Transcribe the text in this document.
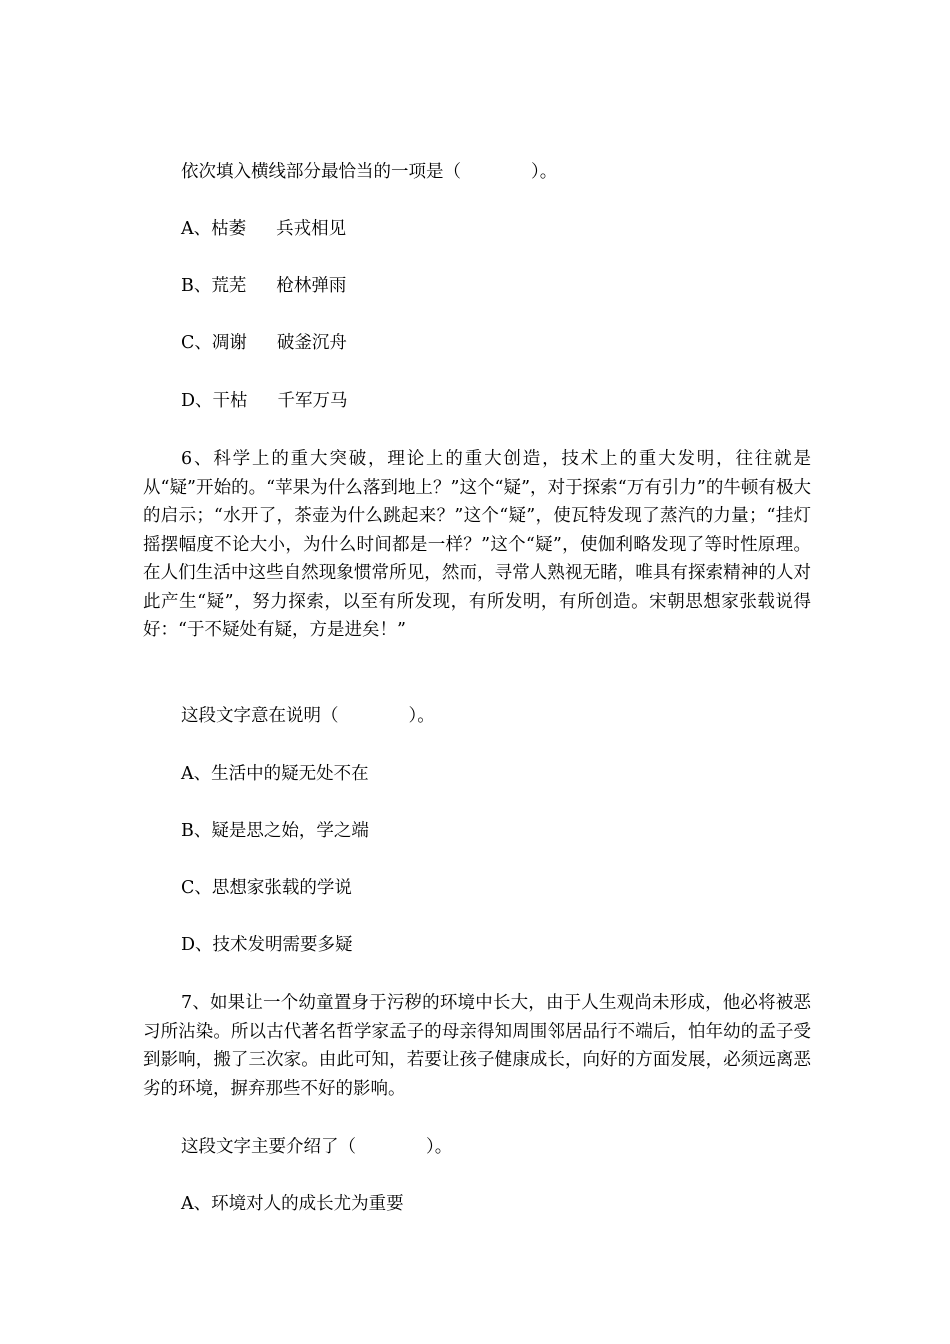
依次填入横线部分最恰当的一项是（　　　　）。
A、枯萎 兵戎相见
B、荒芜 枪林弹雨
C、凋谢 破釜沉舟
D、干枯 千军万马
6、科学上的重大突破，理论上的重大创造，技术上的重大发明，往往就是从“疑”开始的。“苹果为什么落到地上？”这个“疑”，对于探索“万有引力”的牛顿有极大的启示；“水开了，茶壶为什么跳起来？”这个“疑”，使瓦特发现了蒸汽的力量；“挂灯摇摆幅度不论大小，为什么时间都是一样？”这个“疑”，使伽利略发现了等时性原理。在人们生活中这些自然现象惯常所见，然而，寻常人熟视无睹，唯具有探索精神的人对此产生“疑”，努力探索，以至有所发现，有所发明，有所创造。宋朝思想家张载说得好：“于不疑处有疑，方是进矣！”
这段文字意在说明（　　　　）。
A、生活中的疑无处不在
B、疑是思之始，学之端
C、思想家张载的学说
D、技术发明需要多疑
7、如果让一个幼童置身于污秽的环境中长大，由于人生观尚未形成，他必将被恶习所沾染。所以古代著名哲学家孟子的母亲得知周围邻居品行不端后，怕年幼的孟子受到影响，搬了三次家。由此可知，若要让孩子健康成长，向好的方面发展，必须远离恶劣的环境，摒弃那些不好的影响。
这段文字主要介绍了（　　　　）。
A、环境对人的成长尤为重要
